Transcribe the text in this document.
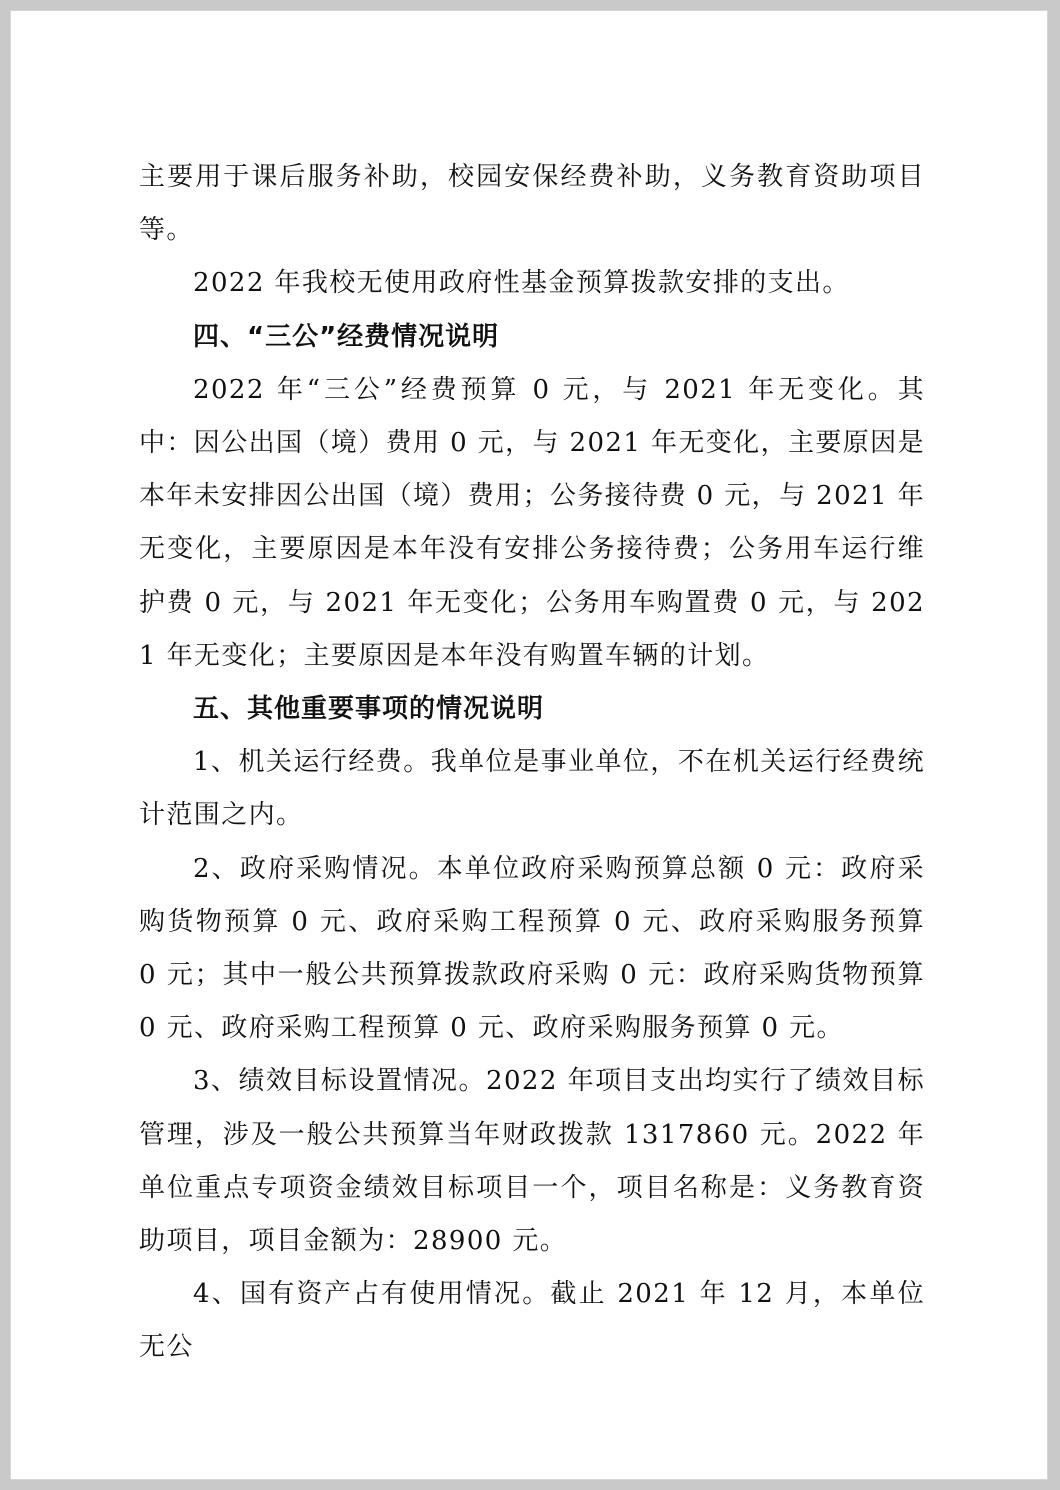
主要用于课后服务补助，校园安保经费补助，义务教育资助项目等。

2022 年我校无使用政府性基金预算拨款安排的支出。

四、“三公”经费情况说明

2022 年“三公”经费预算 0 元，与 2021 年无变化。其中：因公出国（境）费用 0 元，与 2021 年无变化，主要原因是本年未安排因公出国（境）费用；公务接待费 0 元，与 2021 年无变化，主要原因是本年没有安排公务接待费；公务用车运行维护费 0 元，与 2021 年无变化；公务用车购置费 0 元，与 2021 年无变化；主要原因是本年没有购置车辆的计划。

五、其他重要事项的情况说明

1、机关运行经费。我单位是事业单位，不在机关运行经费统计范围之内。

2、政府采购情况。本单位政府采购预算总额 0 元：政府采购货物预算 0 元、政府采购工程预算 0 元、政府采购服务预算 0 元；其中一般公共预算拨款政府采购 0 元：政府采购货物预算 0 元、政府采购工程预算 0 元、政府采购服务预算 0 元。

3、绩效目标设置情况。2022 年项目支出均实行了绩效目标管理，涉及一般公共预算当年财政拨款 1317860 元。2022 年单位重点专项资金绩效目标项目一个，项目名称是：义务教育资助项目，项目金额为：28900 元。

4、国有资产占有使用情况。截止 2021 年 12 月，本单位无公
